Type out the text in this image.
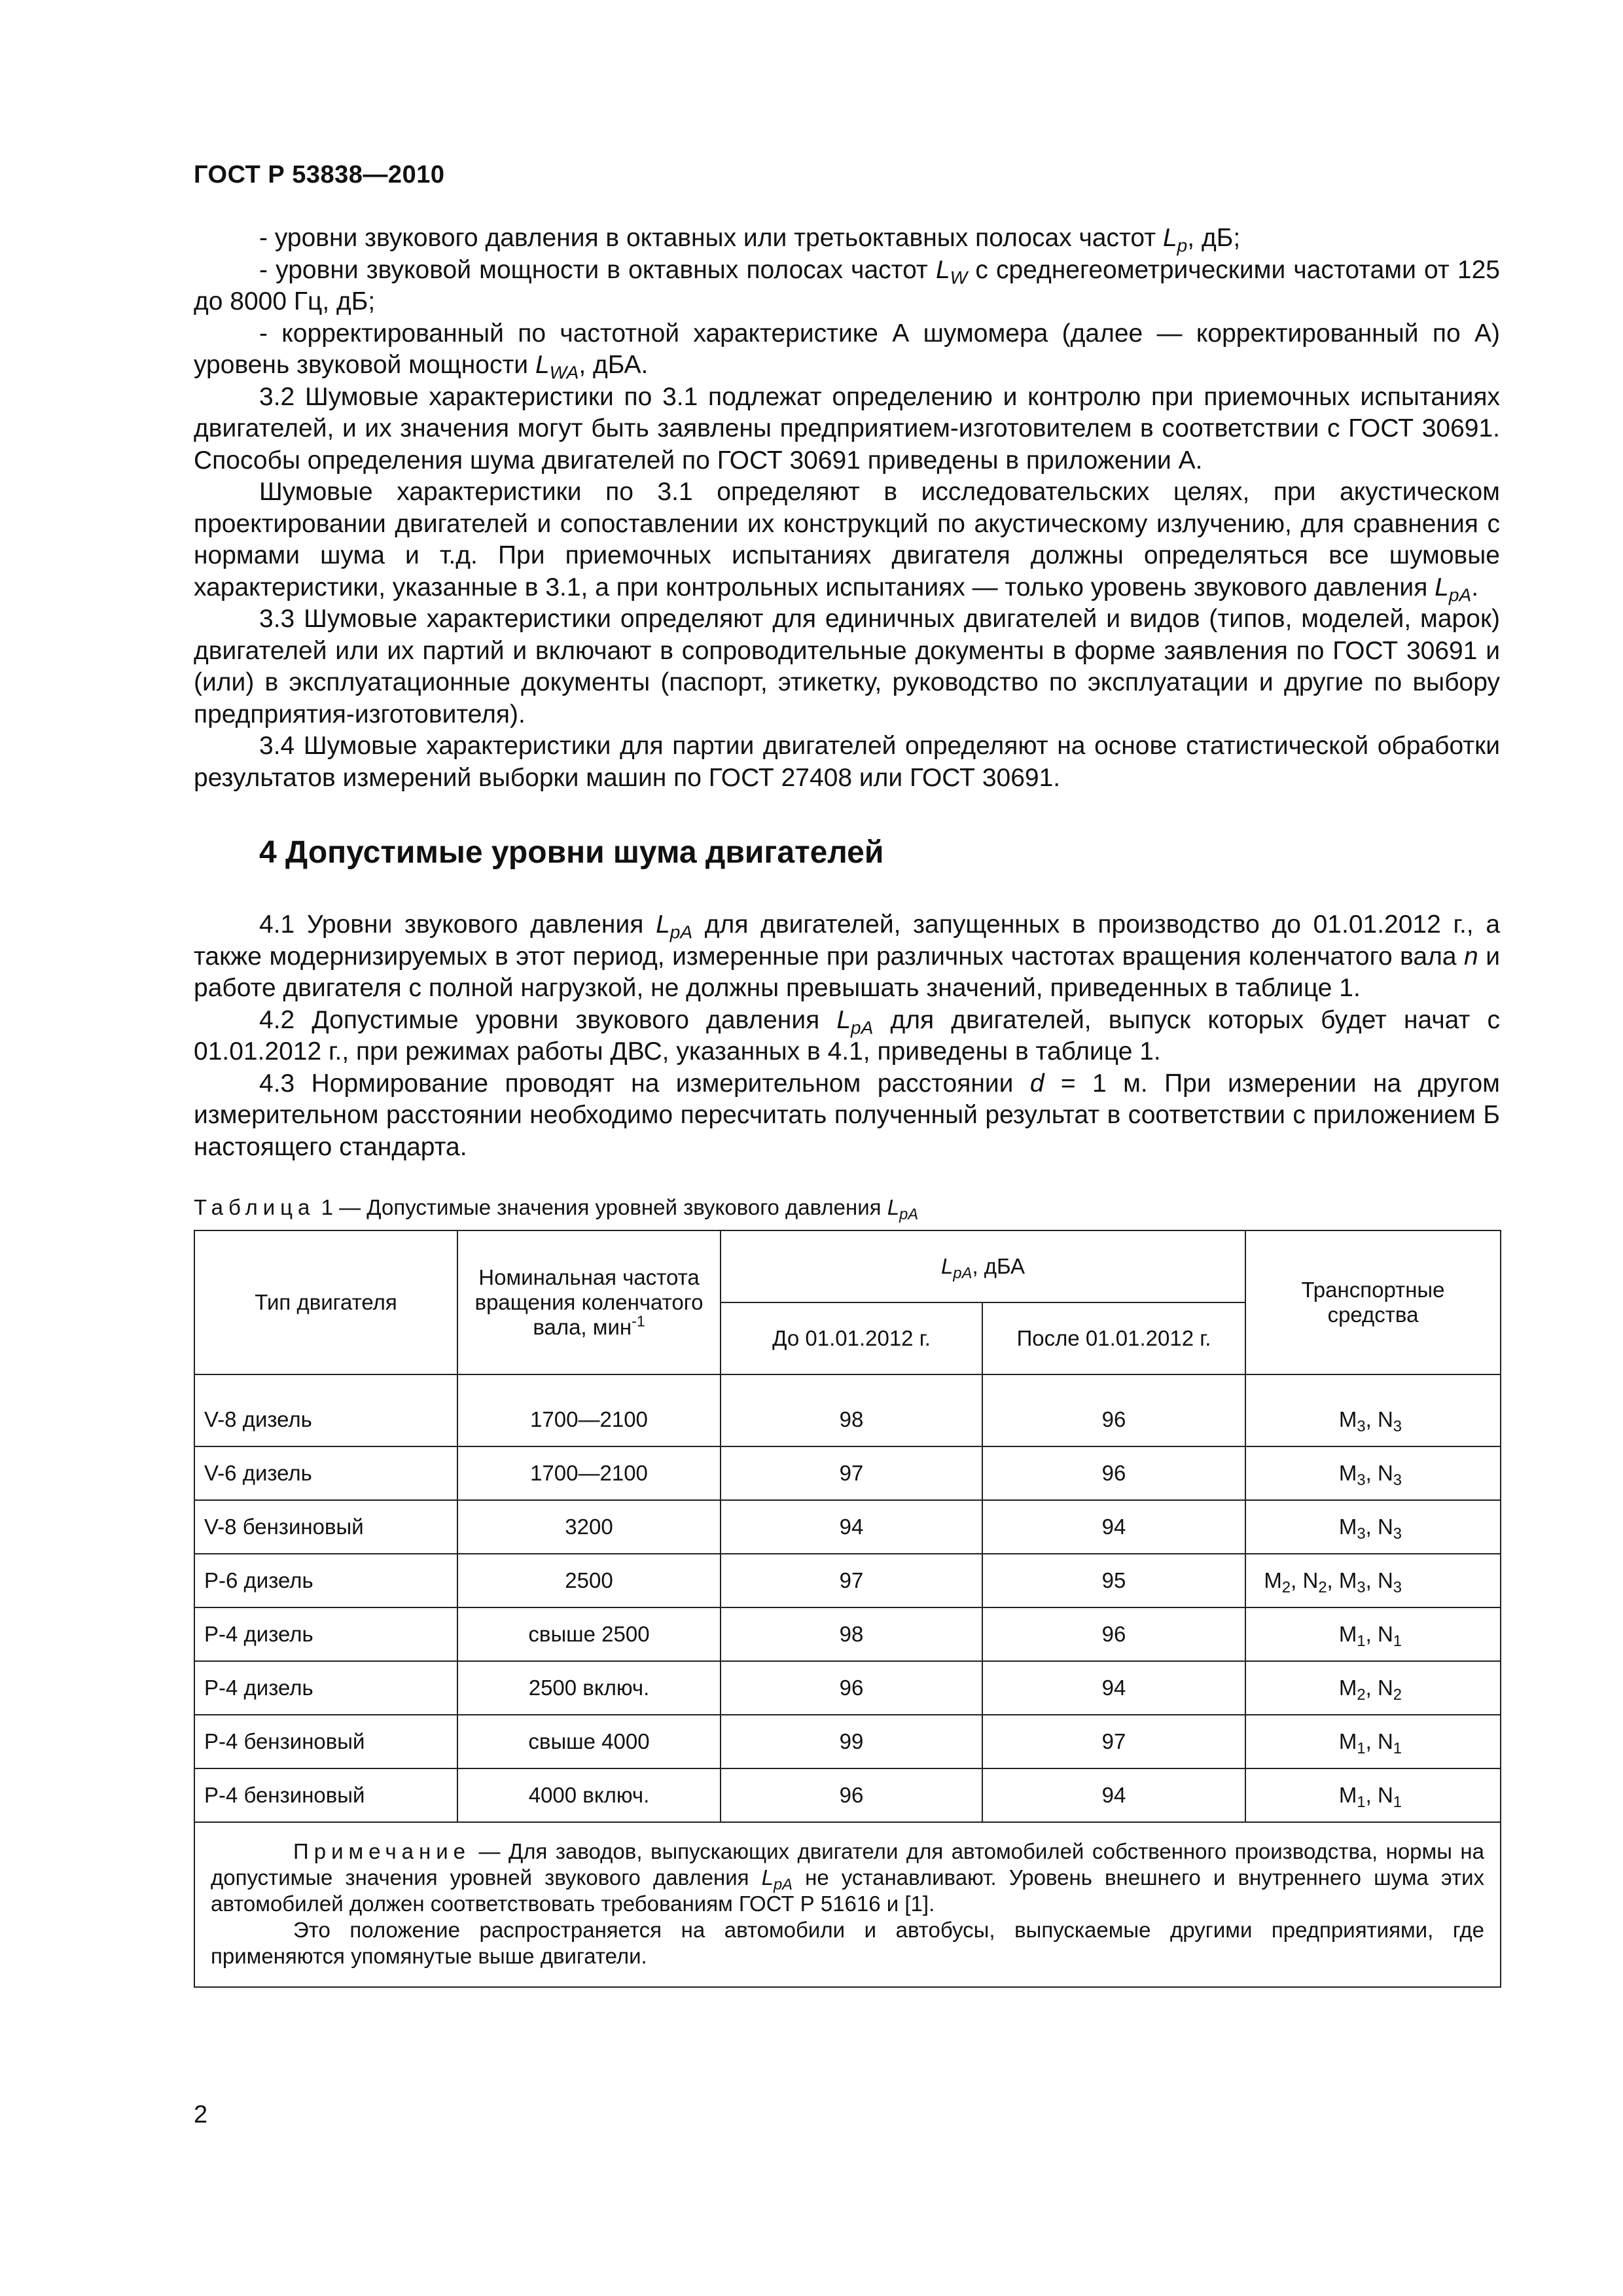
ГОСТ Р 53838—2010

- уровни звукового давления в октавных или третьоктавных полосах частот $L_p$, дБ;

- уровни звуковой мощности в октавных полосах частот $L_W$ с среднегеометрическими частотами от 125 до 8000 Гц, дБ;

- корректированный по частотной характеристике А шумомера (далее — корректированный по А) уровень звуковой мощности $L_{WA}$, дБА.

3.2 Шумовые характеристики по 3.1 подлежат определению и контролю при приемочных испытаниях двигателей, и их значения могут быть заявлены предприятием-изготовителем в соответствии с ГОСТ 30691. Способы определения шума двигателей по ГОСТ 30691 приведены в приложении А.

Шумовые характеристики по 3.1 определяют в исследовательских целях, при акустическом проектировании двигателей и сопоставлении их конструкций по акустическому излучению, для сравнения с нормами шума и т.д. При приемочных испытаниях двигателя должны определяться все шумовые характеристики, указанные в 3.1, а при контрольных испытаниях — только уровень звукового давления $L_{pA}$.

3.3 Шумовые характеристики определяют для единичных двигателей и видов (типов, моделей, марок) двигателей или их партий и включают в сопроводительные документы в форме заявления по ГОСТ 30691 и (или) в эксплуатационные документы (паспорт, этикетку, руководство по эксплуатации и другие по выбору предприятия-изготовителя).

3.4 Шумовые характеристики для партии двигателей определяют на основе статистической обработки результатов измерений выборки машин по ГОСТ 27408 или ГОСТ 30691.

4 Допустимые уровни шума двигателей

4.1 Уровни звукового давления $L_{pA}$ для двигателей, запущенных в производство до 01.01.2012 г., а также модернизируемых в этот период, измеренные при различных частотах вращения коленчатого вала n и работе двигателя с полной нагрузкой, не должны превышать значений, приведенных в таблице 1.

4.2 Допустимые уровни звукового давления $L_{pA}$ для двигателей, выпуск которых будет начат с 01.01.2012 г., при режимах работы ДВС, указанных в 4.1, приведены в таблице 1.

4.3 Нормирование проводят на измерительном расстоянии d = 1 м. При измерении на другом измерительном расстоянии необходимо пересчитать полученный результат в соответствии с приложением Б настоящего стандарта.

Таблица 1 — Допустимые значения уровней звукового давления $L_{pA}$

Тип двигателя	Номинальная частота вращения коленчатого вала, мин$^{-1}$	$L_{pA}$, дБА		Транспортные средства
		До 01.01.2012 г.	После 01.01.2012 г.	
V-8 дизель	1700—2100	98	96	$M_3$, $N_3$
V-6 дизель	1700—2100	97	96	$M_3$, $N_3$
V-8 бензиновый	3200	94	94	$M_3$, $N_3$
Р-6 дизель	2500	97	95	$M_2$, $N_2$, $M_3$, $N_3$
Р-4 дизель	свыше 2500	98	96	$M_1$, $N_1$
Р-4 дизель	2500 включ.	96	94	$M_2$, $N_2$
Р-4 бензиновый	свыше 4000	99	97	$M_1$, $N_1$
Р-4 бензиновый	4000 включ.	96	94	$M_1$, $N_1$

Примечание — Для заводов, выпускающих двигатели для автомобилей собственного производства, нормы на допустимые значения уровней звукового давления $L_{pA}$ не устанавливают. Уровень внешнего и внутреннего шума этих автомобилей должен соответствовать требованиям ГОСТ Р 51616 и [1].

Это положение распространяется на автомобили и автобусы, выпускаемые другими предприятиями, где применяются упомянутые выше двигатели.				

2
